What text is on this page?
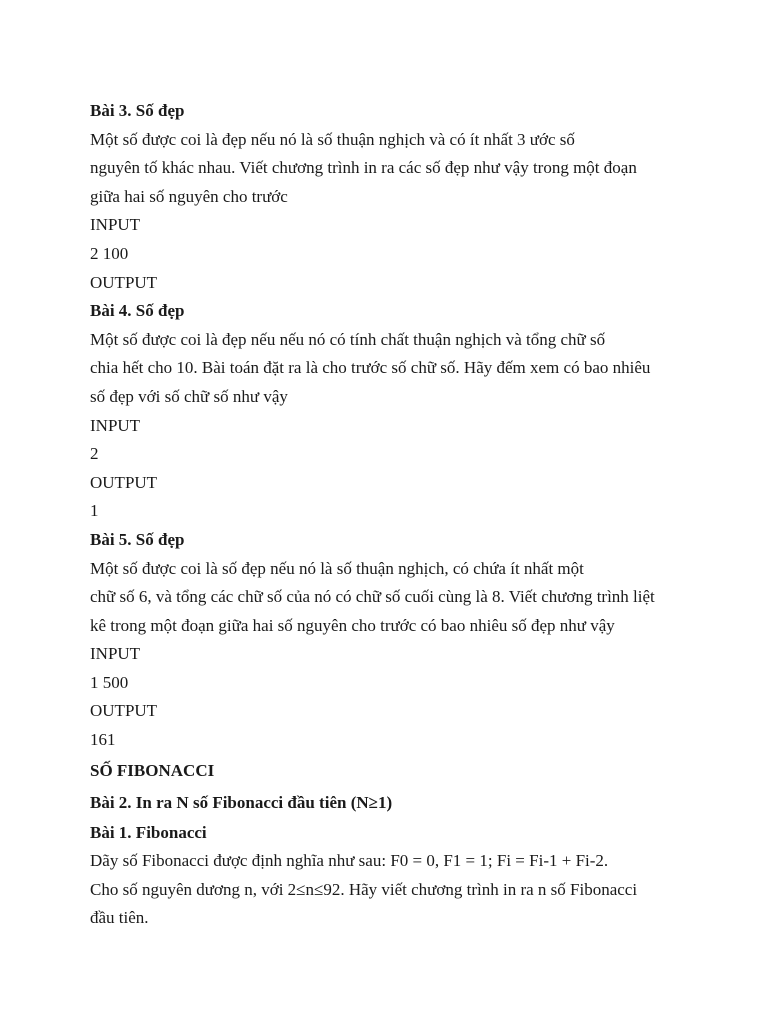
Bài 3. Số đẹp
Một số được coi là đẹp nếu nó là số thuận nghịch và có ít nhất 3 ước số
nguyên tố khác nhau. Viết chương trình in ra các số đẹp như vậy trong một đoạn
giữa hai số nguyên cho trước
INPUT
2 100
OUTPUT
Bài 4. Số đẹp
Một số được coi là đẹp nếu nếu nó có tính chất thuận nghịch và tổng chữ số
chia hết cho 10. Bài toán đặt ra là cho trước số chữ số. Hãy đếm xem có bao nhiêu
số đẹp với số chữ số như vậy
INPUT
2
OUTPUT
1
Bài 5. Số đẹp
Một số được coi là số đẹp nếu nó là số thuận nghịch, có chứa ít nhất một
chữ số 6, và tổng các chữ số của nó có chữ số cuối cùng là 8. Viết chương trình liệt
kê trong một đoạn giữa hai số nguyên cho trước có bao nhiêu số đẹp như vậy
INPUT
1 500
OUTPUT
161
SỐ FIBONACCI
Bài 2. In ra N số Fibonacci đầu tiên (N≥1)
Bài 1. Fibonacci
Dãy số Fibonacci được định nghĩa như sau: F0 = 0, F1 = 1; Fi = Fi-1 + Fi-2.
Cho số nguyên dương n, với 2≤n≤92. Hãy viết chương trình in ra n số Fibonacci
đầu tiên.
